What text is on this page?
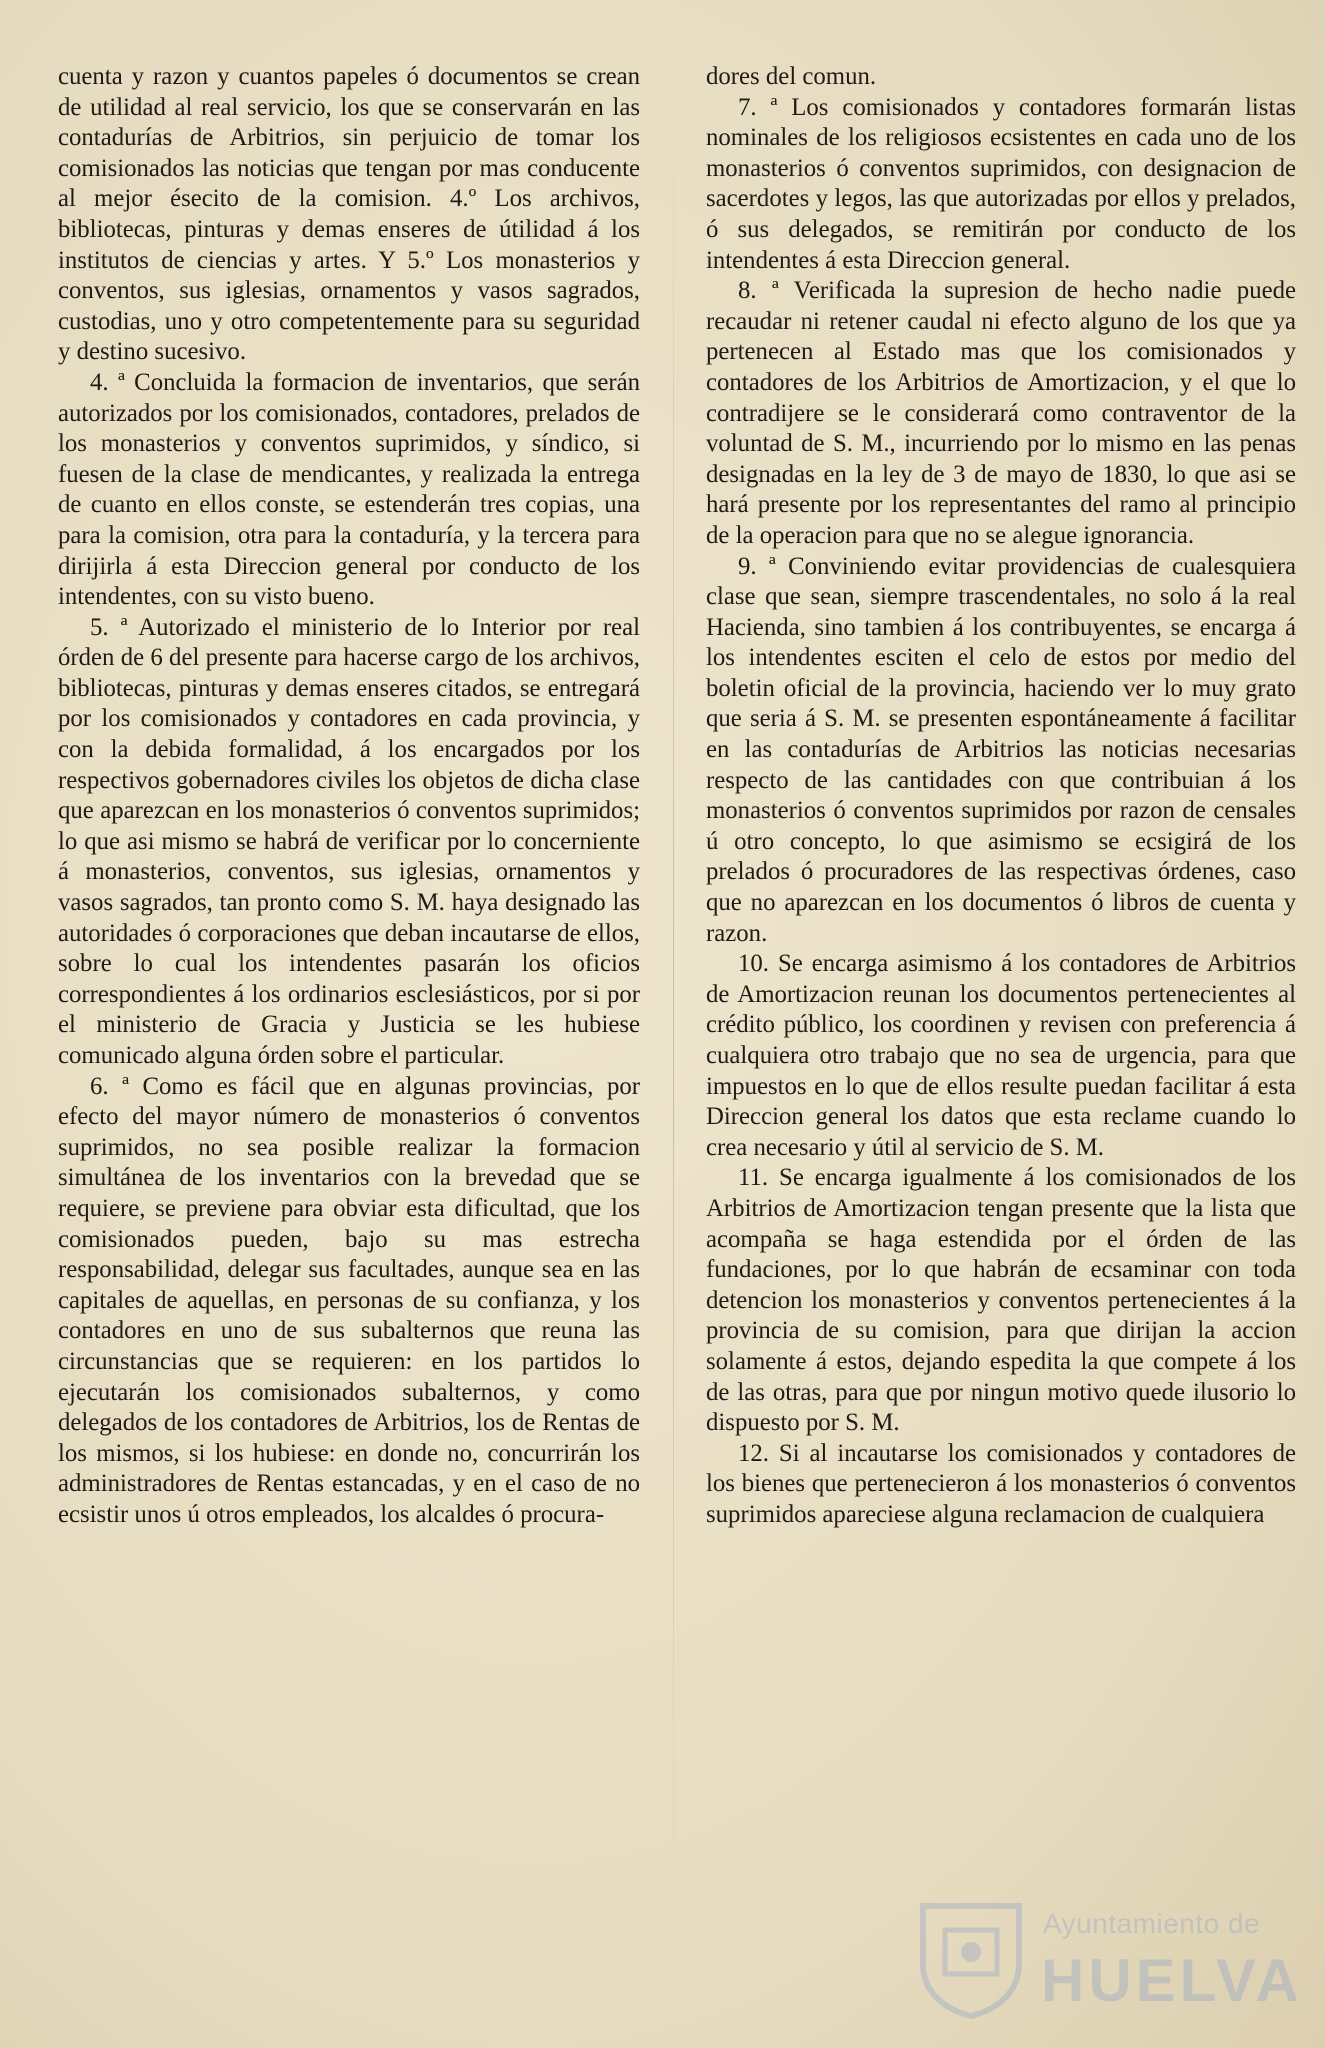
cuenta y razon y cuantos papeles ó documentos se crean de utilidad al real servicio, los que se conservarán en las contadurías de Arbitrios, sin perjuicio de tomar los comisionados las noticias que tengan por mas conducente al mejor ésecito de la comision. 4.º Los archivos, bibliotecas, pinturas y demas enseres de útilidad á los institutos de ciencias y artes. Y 5.º Los monasterios y conventos, sus iglesias, ornamentos y vasos sagrados, custodias, uno y otro competentemente para su seguridad y destino sucesivo.

4. ª Concluida la formacion de inventarios, que serán autorizados por los comisionados, contadores, prelados de los monasterios y conventos suprimidos, y síndico, si fuesen de la clase de mendicantes, y realizada la entrega de cuanto en ellos conste, se estenderán tres copias, una para la comision, otra para la contaduría, y la tercera para dirijirla á esta Direccion general por conducto de los intendentes, con su visto bueno.

5. ª Autorizado el ministerio de lo Interior por real órden de 6 del presente para hacerse cargo de los archivos, bibliotecas, pinturas y demas enseres citados, se entregará por los comisionados y contadores en cada provincia, y con la debida formalidad, á los encargados por los respectivos gobernadores civiles los objetos de dicha clase que aparezcan en los monasterios ó conventos suprimidos; lo que asi mismo se habrá de verificar por lo concerniente á monasterios, conventos, sus iglesias, ornamentos y vasos sagrados, tan pronto como S. M. haya designado las autoridades ó corporaciones que deban incautarse de ellos, sobre lo cual los intendentes pasarán los oficios correspondientes á los ordinarios esclesiásticos, por si por el ministerio de Gracia y Justicia se les hubiese comunicado alguna órden sobre el particular.

6. ª Como es fácil que en algunas provincias, por efecto del mayor número de monasterios ó conventos suprimidos, no sea posible realizar la formacion simultánea de los inventarios con la brevedad que se requiere, se previene para obviar esta dificultad, que los comisionados pueden, bajo su mas estrecha responsabilidad, delegar sus facultades, aunque sea en las capitales de aquellas, en personas de su confianza, y los contadores en uno de sus subalternos que reuna las circunstancias que se requieren: en los partidos lo ejecutarán los comisionados subalternos, y como delegados de los contadores de Arbitrios, los de Rentas de los mismos, si los hubiese: en donde no, concurrirán los administradores de Rentas estancadas, y en el caso de no ecsistir unos ú otros empleados, los alcaldes ó procura-

dores del comun.

7. ª Los comisionados y contadores formarán listas nominales de los religiosos ecsistentes en cada uno de los monasterios ó conventos suprimidos, con designacion de sacerdotes y legos, las que autorizadas por ellos y prelados, ó sus delegados, se remitirán por conducto de los intendentes á esta Direccion general.

8. ª Verificada la supresion de hecho nadie puede recaudar ni retener caudal ni efecto alguno de los que ya pertenecen al Estado mas que los comisionados y contadores de los Arbitrios de Amortizacion, y el que lo contradijere se le considerará como contraventor de la voluntad de S. M., incurriendo por lo mismo en las penas designadas en la ley de 3 de mayo de 1830, lo que asi se hará presente por los representantes del ramo al principio de la operacion para que no se alegue ignorancia.

9. ª Conviniendo evitar providencias de cualesquiera clase que sean, siempre trascendentales, no solo á la real Hacienda, sino tambien á los contribuyentes, se encarga á los intendentes esciten el celo de estos por medio del boletin oficial de la provincia, haciendo ver lo muy grato que seria á S. M. se presenten espontáneamente á facilitar en las contadurías de Arbitrios las noticias necesarias respecto de las cantidades con que contribuian á los monasterios ó conventos suprimidos por razon de censales ú otro concepto, lo que asimismo se ecsigirá de los prelados ó procuradores de las respectivas órdenes, caso que no aparezcan en los documentos ó libros de cuenta y razon.

10. Se encarga asimismo á los contadores de Arbitrios de Amortizacion reunan los documentos pertenecientes al crédito público, los coordinen y revisen con preferencia á cualquiera otro trabajo que no sea de urgencia, para que impuestos en lo que de ellos resulte puedan facilitar á esta Direccion general los datos que esta reclame cuando lo crea necesario y útil al servicio de S. M.

11. Se encarga igualmente á los comisionados de los Arbitrios de Amortizacion tengan presente que la lista que acompaña se haga estendida por el órden de las fundaciones, por lo que habrán de ecsaminar con toda detencion los monasterios y conventos pertenecientes á la provincia de su comision, para que dirijan la accion solamente á estos, dejando espedita la que compete á los de las otras, para que por ningun motivo quede ilusorio lo dispuesto por S. M.

12. Si al incautarse los comisionados y contadores de los bienes que pertenecieron á los monasterios ó conventos suprimidos apareciese alguna reclamacion de cualquiera

Ayuntamiento de
HUELVA
